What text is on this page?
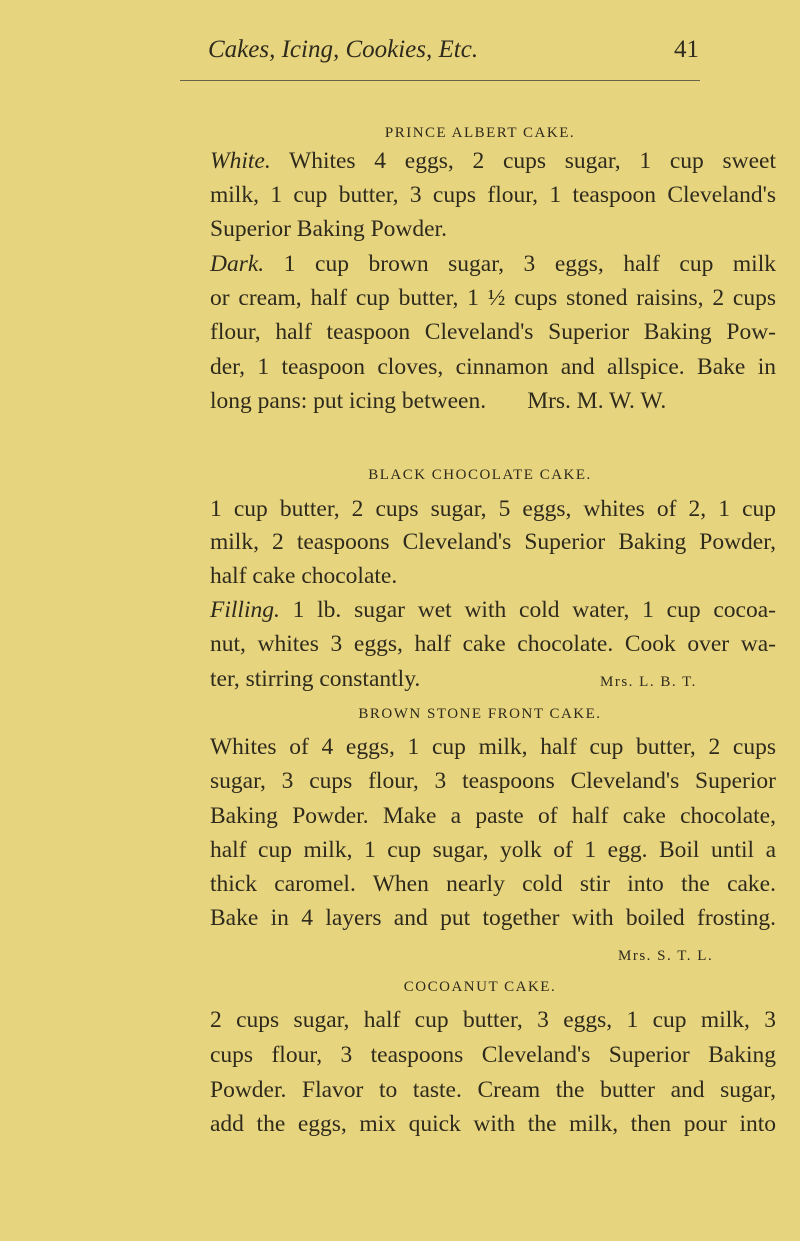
Cakes, Icing, Cookies, Etc.	41
PRINCE ALBERT CAKE.
White. Whites 4 eggs, 2 cups sugar, 1 cup sweet
milk, 1 cup butter, 3 cups flour, 1 teaspoon Cleveland's
Superior Baking Powder.
Dark. 1 cup brown sugar, 3 eggs, half cup milk
or cream, half cup butter, 1 ½ cups stoned raisins, 2 cups
flour, half teaspoon Cleveland's Superior Baking Pow-
der, 1 teaspoon cloves, cinnamon and allspice. Bake in
long pans: put icing between.       Mrs. M. W. W.
BLACK CHOCOLATE CAKE.
1 cup butter, 2 cups sugar, 5 eggs, whites of 2, 1 cup
milk, 2 teaspoons Cleveland's Superior Baking Powder,
half cake chocolate.
Filling. 1 lb. sugar wet with cold water, 1 cup cocoa-
nut, whites 3 eggs, half cake chocolate. Cook over wa-
ter, stirring constantly.	Mrs. L. B. T.
BROWN STONE FRONT CAKE.
Whites of 4 eggs, 1 cup milk, half cup butter, 2 cups
sugar, 3 cups flour, 3 teaspoons Cleveland's Superior
Baking Powder. Make a paste of half cake chocolate,
half cup milk, 1 cup sugar, yolk of 1 egg. Boil until a
thick caromel. When nearly cold stir into the cake.
Bake in 4 layers and put together with boiled frosting.
Mrs. S. T. L.
COCOANUT CAKE.
2 cups sugar, half cup butter, 3 eggs, 1 cup milk, 3
cups flour, 3 teaspoons Cleveland's Superior Baking
Powder. Flavor to taste. Cream the butter and sugar,
add the eggs, mix quick with the milk, then pour into
